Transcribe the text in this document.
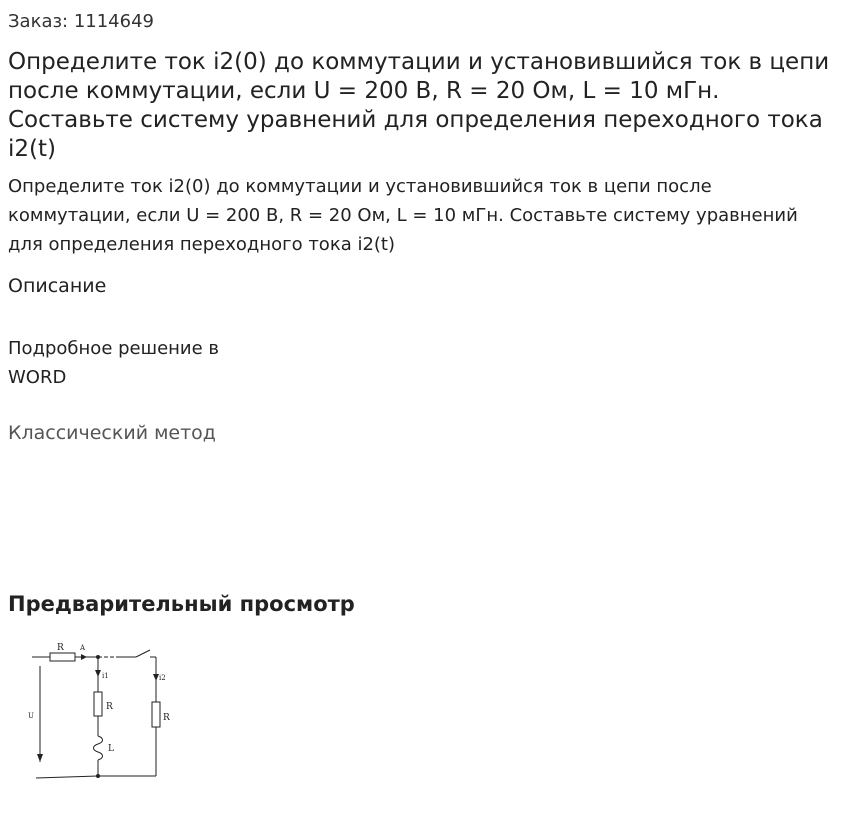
Заказ: 1114649
Определите ток i2(0) до коммутации и установившийся ток в цепи после коммутации, если U = 200 В, R = 20 Ом, L = 10 мГн. Составьте систему уравнений для определения переходного тока i2(t)

Определите ток i2(0) до коммутации и установившийся ток в цепи после коммутации, если U = 200 В, R = 20 Ом, L = 10 мГн. Составьте систему уравнений для определения переходного тока i2(t)

Описание

Подробное решение в WORD

Классический метод
Предварительный просмотр
R A
i1
R
L
i2
R
U
